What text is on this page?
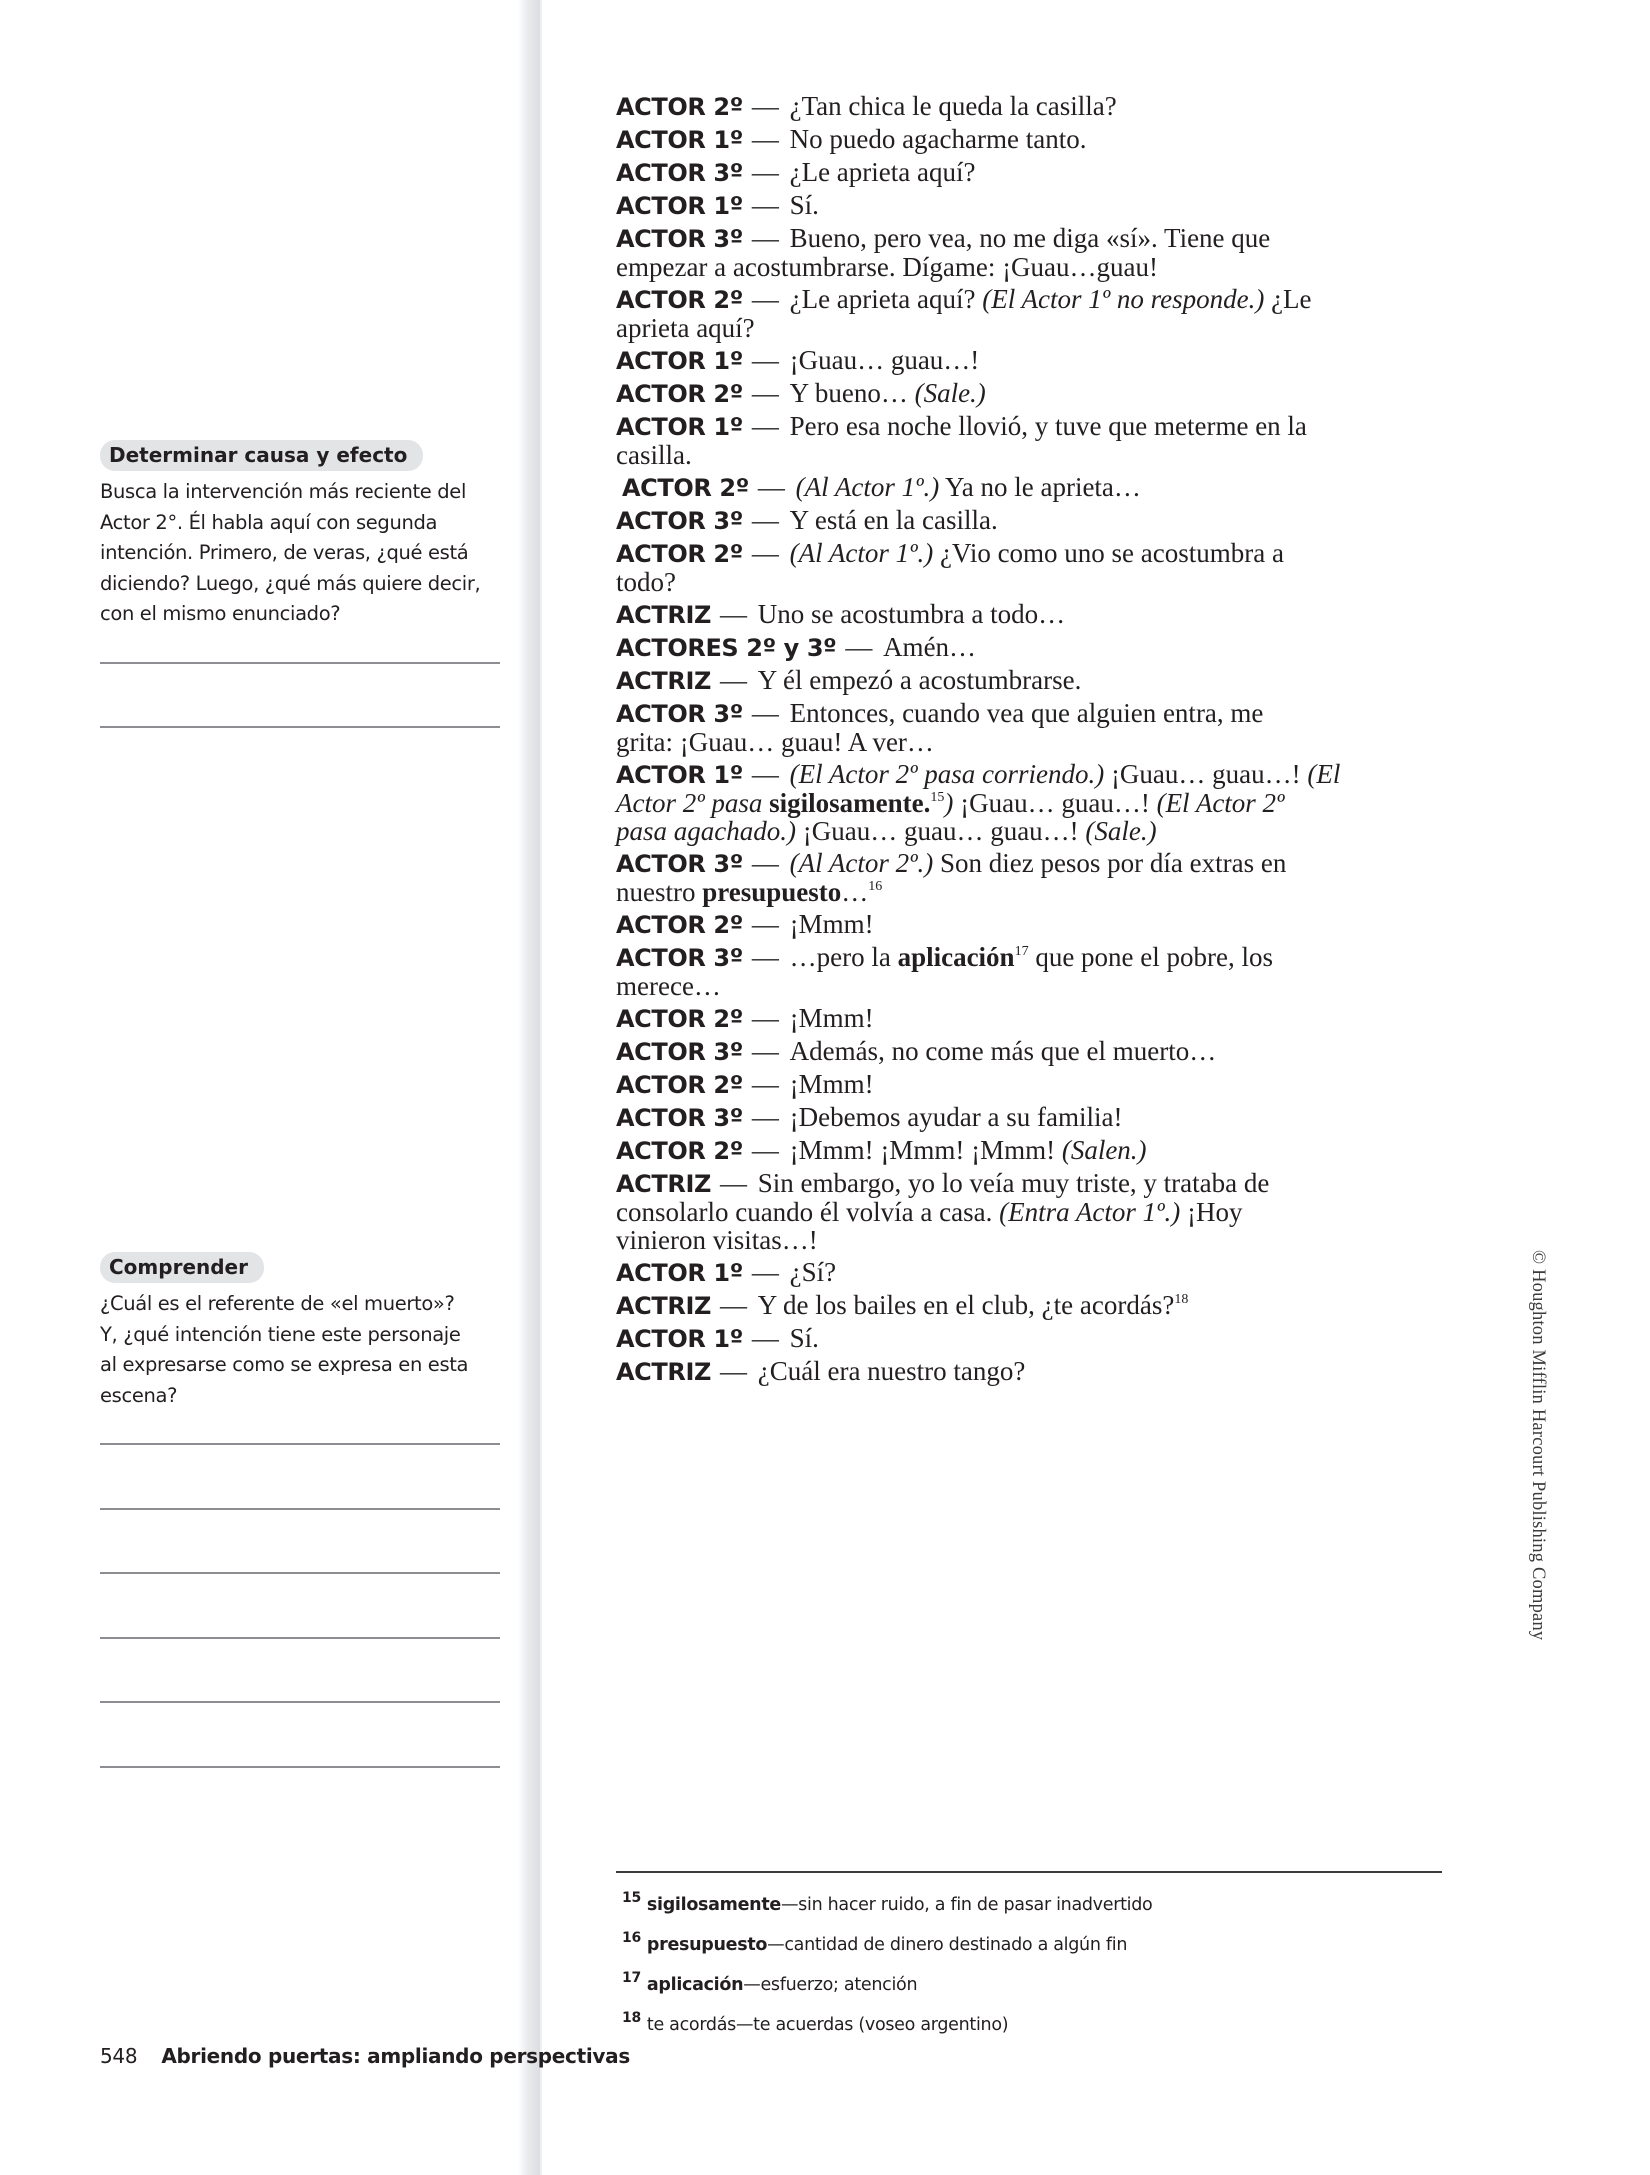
Determinar causa y efecto
Busca la intervención más reciente del
Actor 2°. Él habla aquí con segunda
intención. Primero, de veras, ¿qué está
diciendo? Luego, ¿qué más quiere decir,
con el mismo enunciado?
Comprender
¿Cuál es el referente de «el muerto»?
Y, ¿qué intención tiene este personaje
al expresarse como se expresa en esta
escena?
ACTOR 2º — ¿Tan chica le queda la casilla?
ACTOR 1º — No puedo agacharme tanto.
ACTOR 3º — ¿Le aprieta aquí?
ACTOR 1º — Sí.
ACTOR 3º — Bueno, pero vea, no me diga «sí». Tiene que
empezar a acostumbrarse. Dígame: ¡Guau…guau!
ACTOR 2º — ¿Le aprieta aquí? (El Actor 1º no responde.) ¿Le
aprieta aquí?
ACTOR 1º — ¡Guau… guau…!
ACTOR 2º — Y bueno… (Sale.)
ACTOR 1º — Pero esa noche llovió, y tuve que meterme en la
casilla.
ACTOR 2º — (Al Actor 1º.) Ya no le aprieta…
ACTOR 3º — Y está en la casilla.
ACTOR 2º — (Al Actor 1º.) ¿Vio como uno se acostumbra a
todo?
ACTRIZ — Uno se acostumbra a todo…
ACTORES 2º y 3º — Amén…
ACTRIZ — Y él empezó a acostumbrarse.
ACTOR 3º — Entonces, cuando vea que alguien entra, me
grita: ¡Guau… guau! A ver…
ACTOR 1º — (El Actor 2º pasa corriendo.) ¡Guau… guau…! (El
Actor 2º pasa sigilosamente.$^{15}$) ¡Guau… guau…! (El Actor 2º
pasa agachado.) ¡Guau… guau… guau…! (Sale.)
ACTOR 3º — (Al Actor 2º.) Son diez pesos por día extras en
nuestro presupuesto…$^{16}$
ACTOR 2º — ¡Mmm!
ACTOR 3º — …pero la aplicación$^{17}$ que pone el pobre, los
merece…
ACTOR 2º — ¡Mmm!
ACTOR 3º — Además, no come más que el muerto…
ACTOR 2º — ¡Mmm!
ACTOR 3º — ¡Debemos ayudar a su familia!
ACTOR 2º — ¡Mmm! ¡Mmm! ¡Mmm! (Salen.)
ACTRIZ — Sin embargo, yo lo veía muy triste, y trataba de
consolarlo cuando él volvía a casa. (Entra Actor 1º.) ¡Hoy
vinieron visitas…!
ACTOR 1º — ¿Sí?
ACTRIZ — Y de los bailes en el club, ¿te acordás?$^{18}$
ACTOR 1º — Sí.
ACTRIZ — ¿Cuál era nuestro tango?
$^{15}$ sigilosamente—sin hacer ruido, a fin de pasar inadvertido
$^{16}$ presupuesto—cantidad de dinero destinado a algún fin
$^{17}$ aplicación—esfuerzo; atención
$^{18}$ te acordás—te acuerdas (voseo argentino)
548 Abriendo puertas: ampliando perspectivas
© Houghton Mifflin Harcourt Publishing Company
